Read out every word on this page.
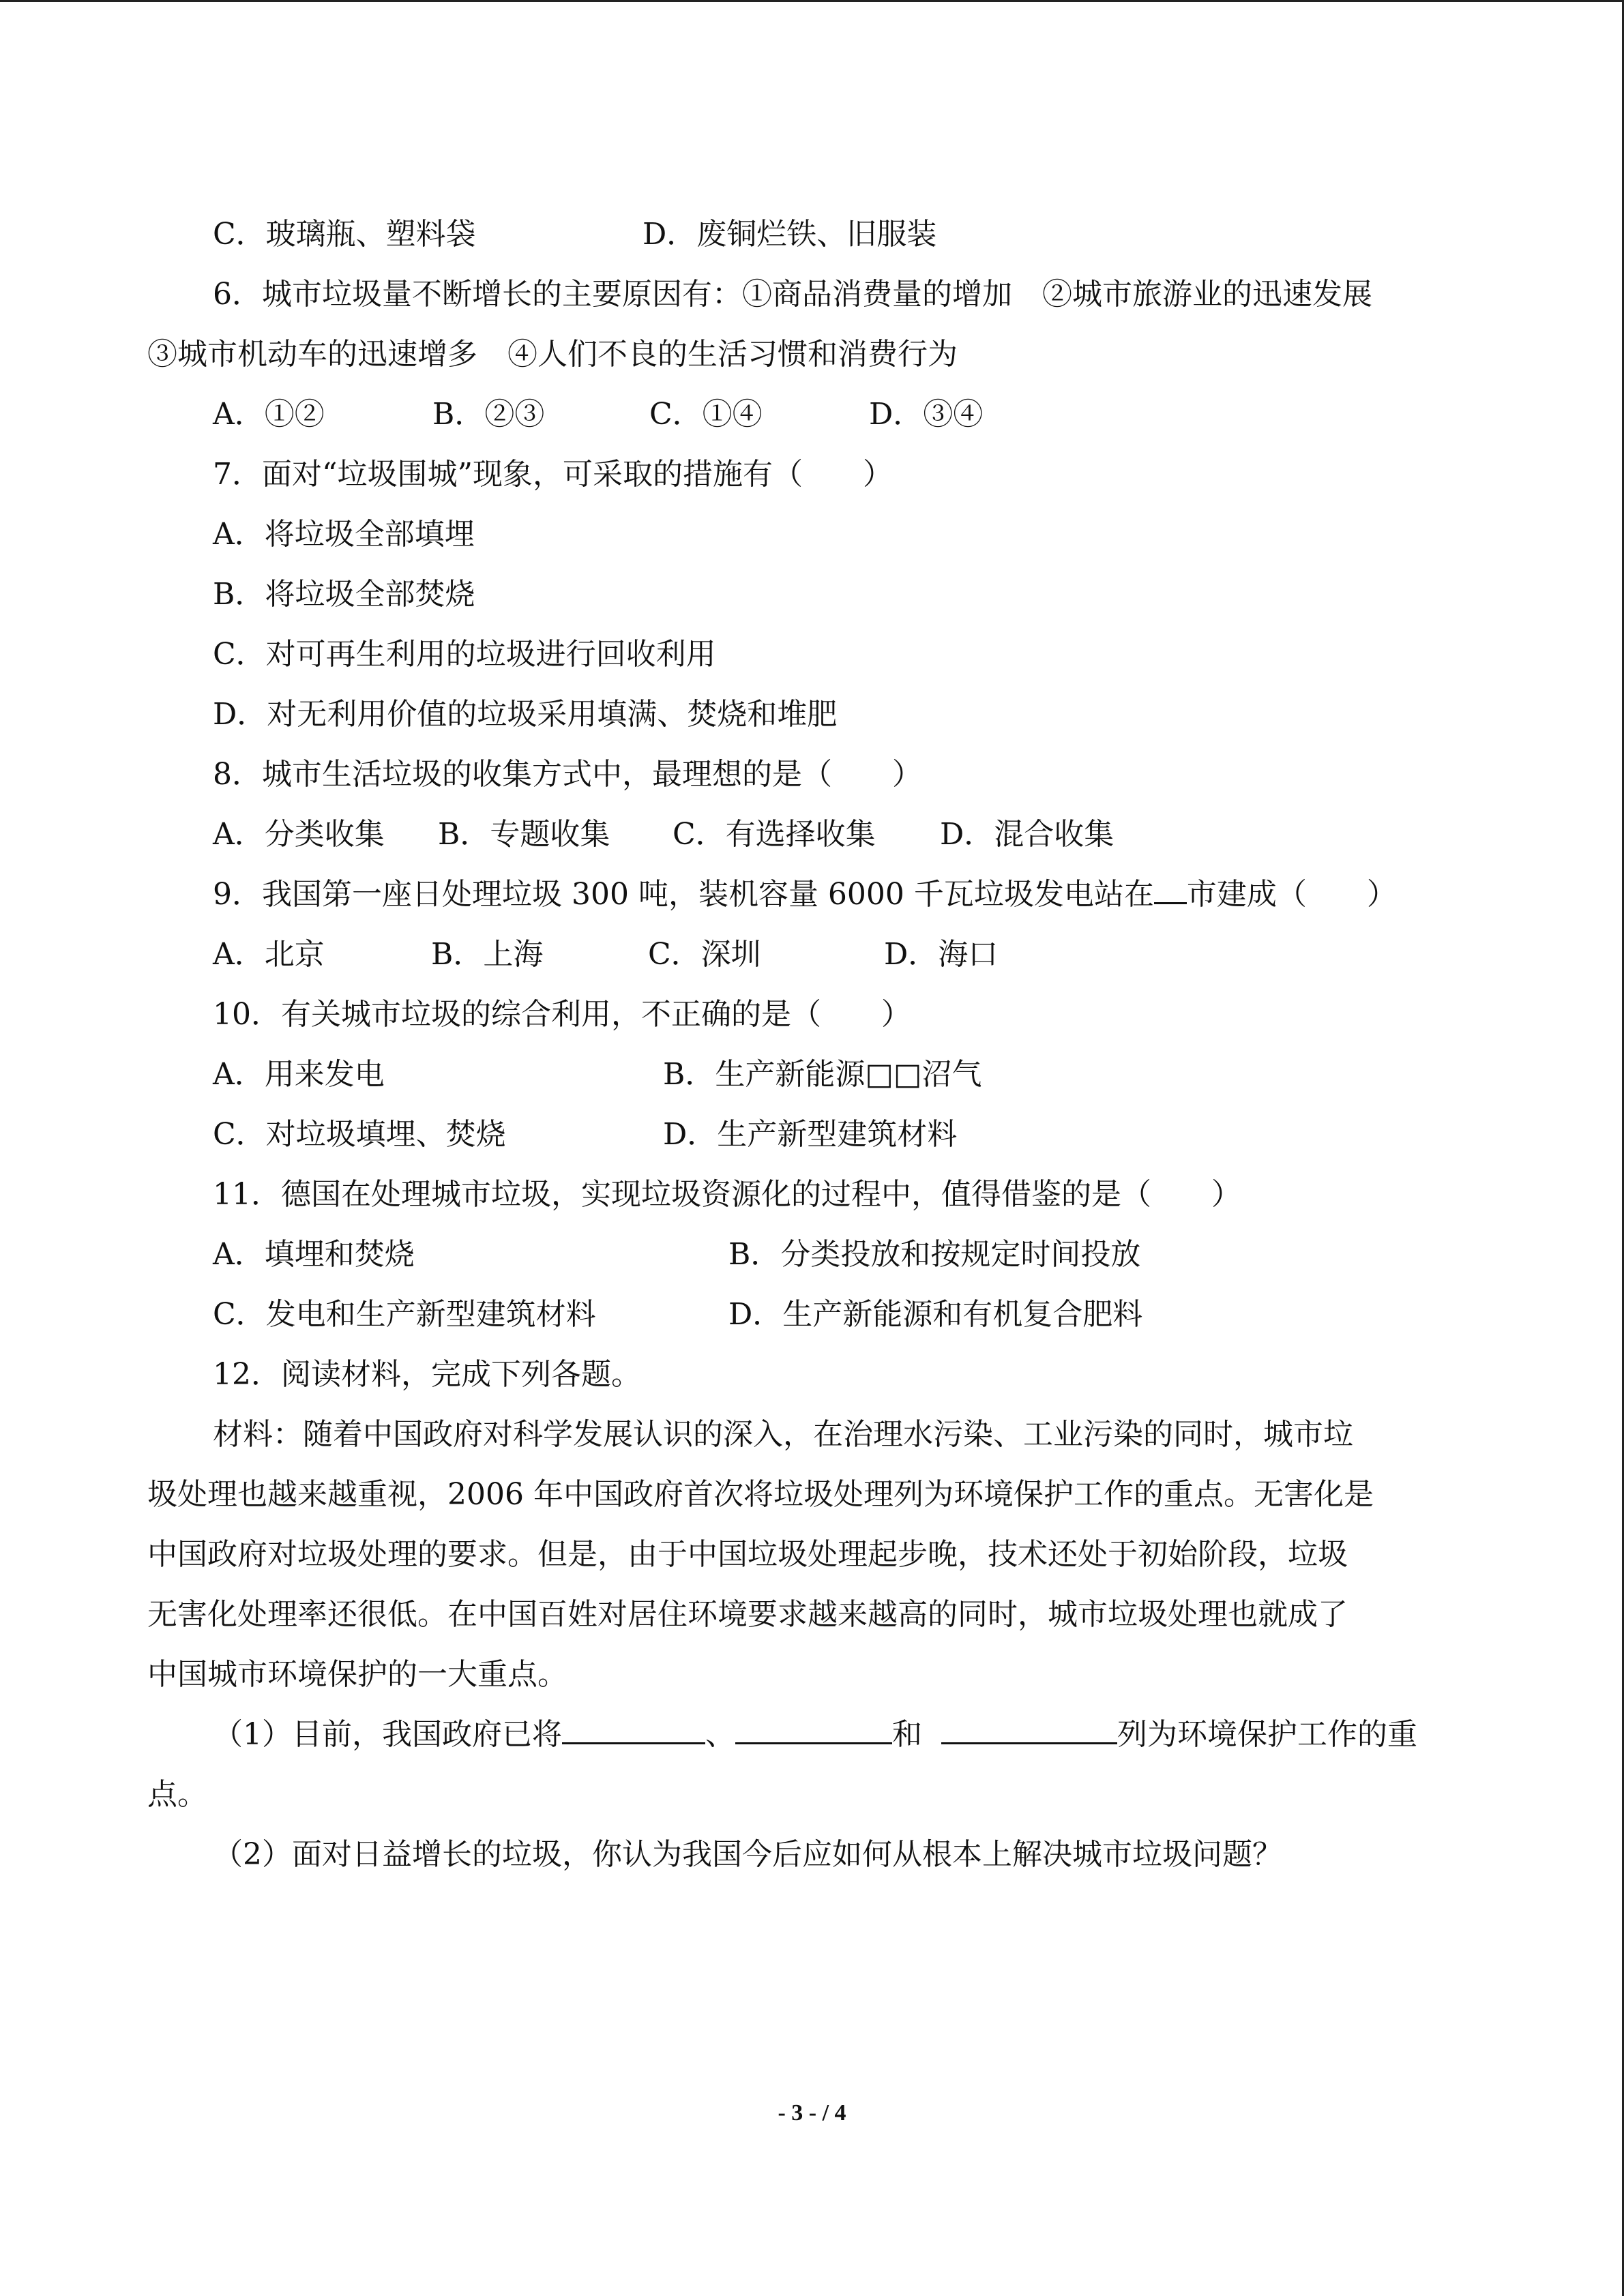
C．玻璃瓶、塑料袋	D．废铜烂铁、旧服装
6．城市垃圾量不断增长的主要原因有：①商品消费量的增加　②城市旅游业的迅速发展
③城市机动车的迅速增多　④人们不良的生活习惯和消费行为
A．①②	B．②③	C．①④	D．③④
7．面对“垃圾围城”现象，可采取的措施有（　　）
A．将垃圾全部填埋
B．将垃圾全部焚烧
C．对可再生利用的垃圾进行回收利用
D．对无利用价值的垃圾采用填满、焚烧和堆肥
8．城市生活垃圾的收集方式中，最理想的是（　　）
A．分类收集 B．专题收集 C．有选择收集 D．混合收集
9．我国第一座日处理垃圾 300 吨，装机容量 6000 千瓦垃圾发电站在 市建成（　　）
A．北京	B．上海	C．深圳	D．海口
10．有关城市垃圾的综合利用，不正确的是（　　）
A．用来发电	B．生产新能源□□沼气
C．对垃圾填埋、焚烧	D．生产新型建筑材料
11．德国在处理城市垃圾，实现垃圾资源化的过程中，值得借鉴的是（　　）
A．填埋和焚烧	B．分类投放和按规定时间投放
C．发电和生产新型建筑材料	D．生产新能源和有机复合肥料
12．阅读材料，完成下列各题。
材料：随着中国政府对科学发展认识的深入，在治理水污染、工业污染的同时，城市垃
圾处理也越来越重视，2006 年中国政府首次将垃圾处理列为环境保护工作的重点。无害化是
中国政府对垃圾处理的要求。但是，由于中国垃圾处理起步晚，技术还处于初始阶段，垃圾
无害化处理率还很低。在中国百姓对居住环境要求越来越高的同时，城市垃圾处理也就成了
中国城市环境保护的一大重点。
（1）目前，我国政府已将	、	和	列为环境保护工作的重
点。
（2）面对日益增长的垃圾，你认为我国今后应如何从根本上解决城市垃圾问题？
- 3 - / 4
